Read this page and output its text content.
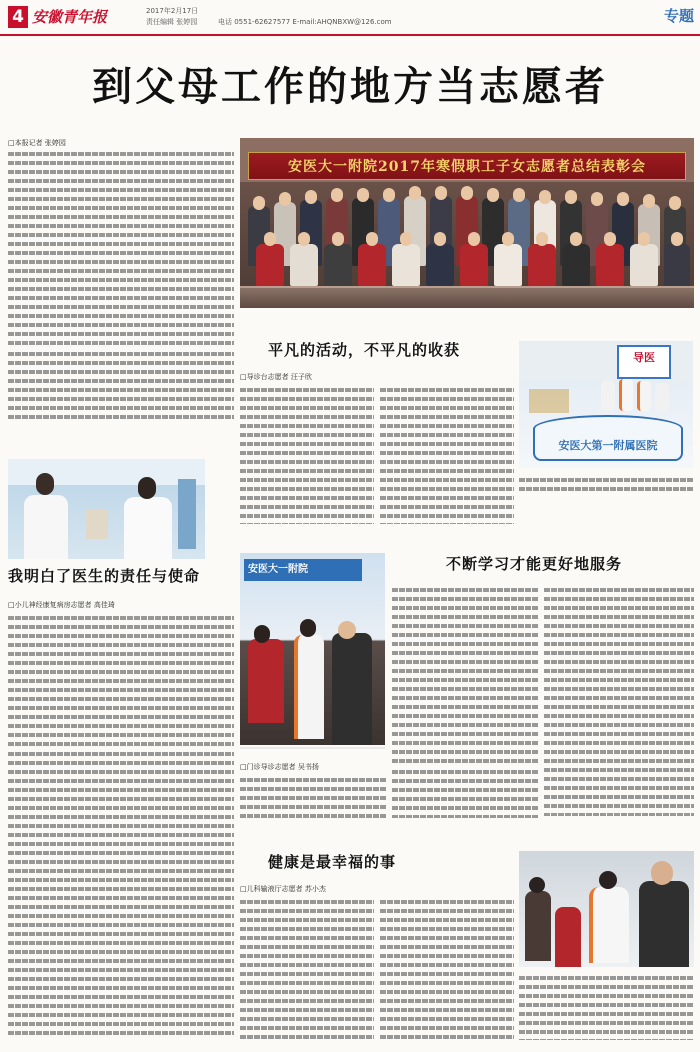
4 安徽青年报	2017年2月17日
责任编辑 张婷园	电话 0551-62627577 E-mail:AHQNBXW@126.com	专题
到父母工作的地方当志愿者
□本报记者 张婷园
安医大一附院2017年寒假职工子女志愿者总结表彰会
平凡的活动，不平凡的收获
□导诊台志愿者 汪子欣
导医
安医大第一附属医院
我明白了医生的责任与使命
□小儿神经康复病房志愿者 高佳琦
安医大一附院	不断学习才能更好地服务
□门诊导诊志愿者 吴书扬
健康是最幸福的事
□儿科输液厅志愿者 苏小杰
